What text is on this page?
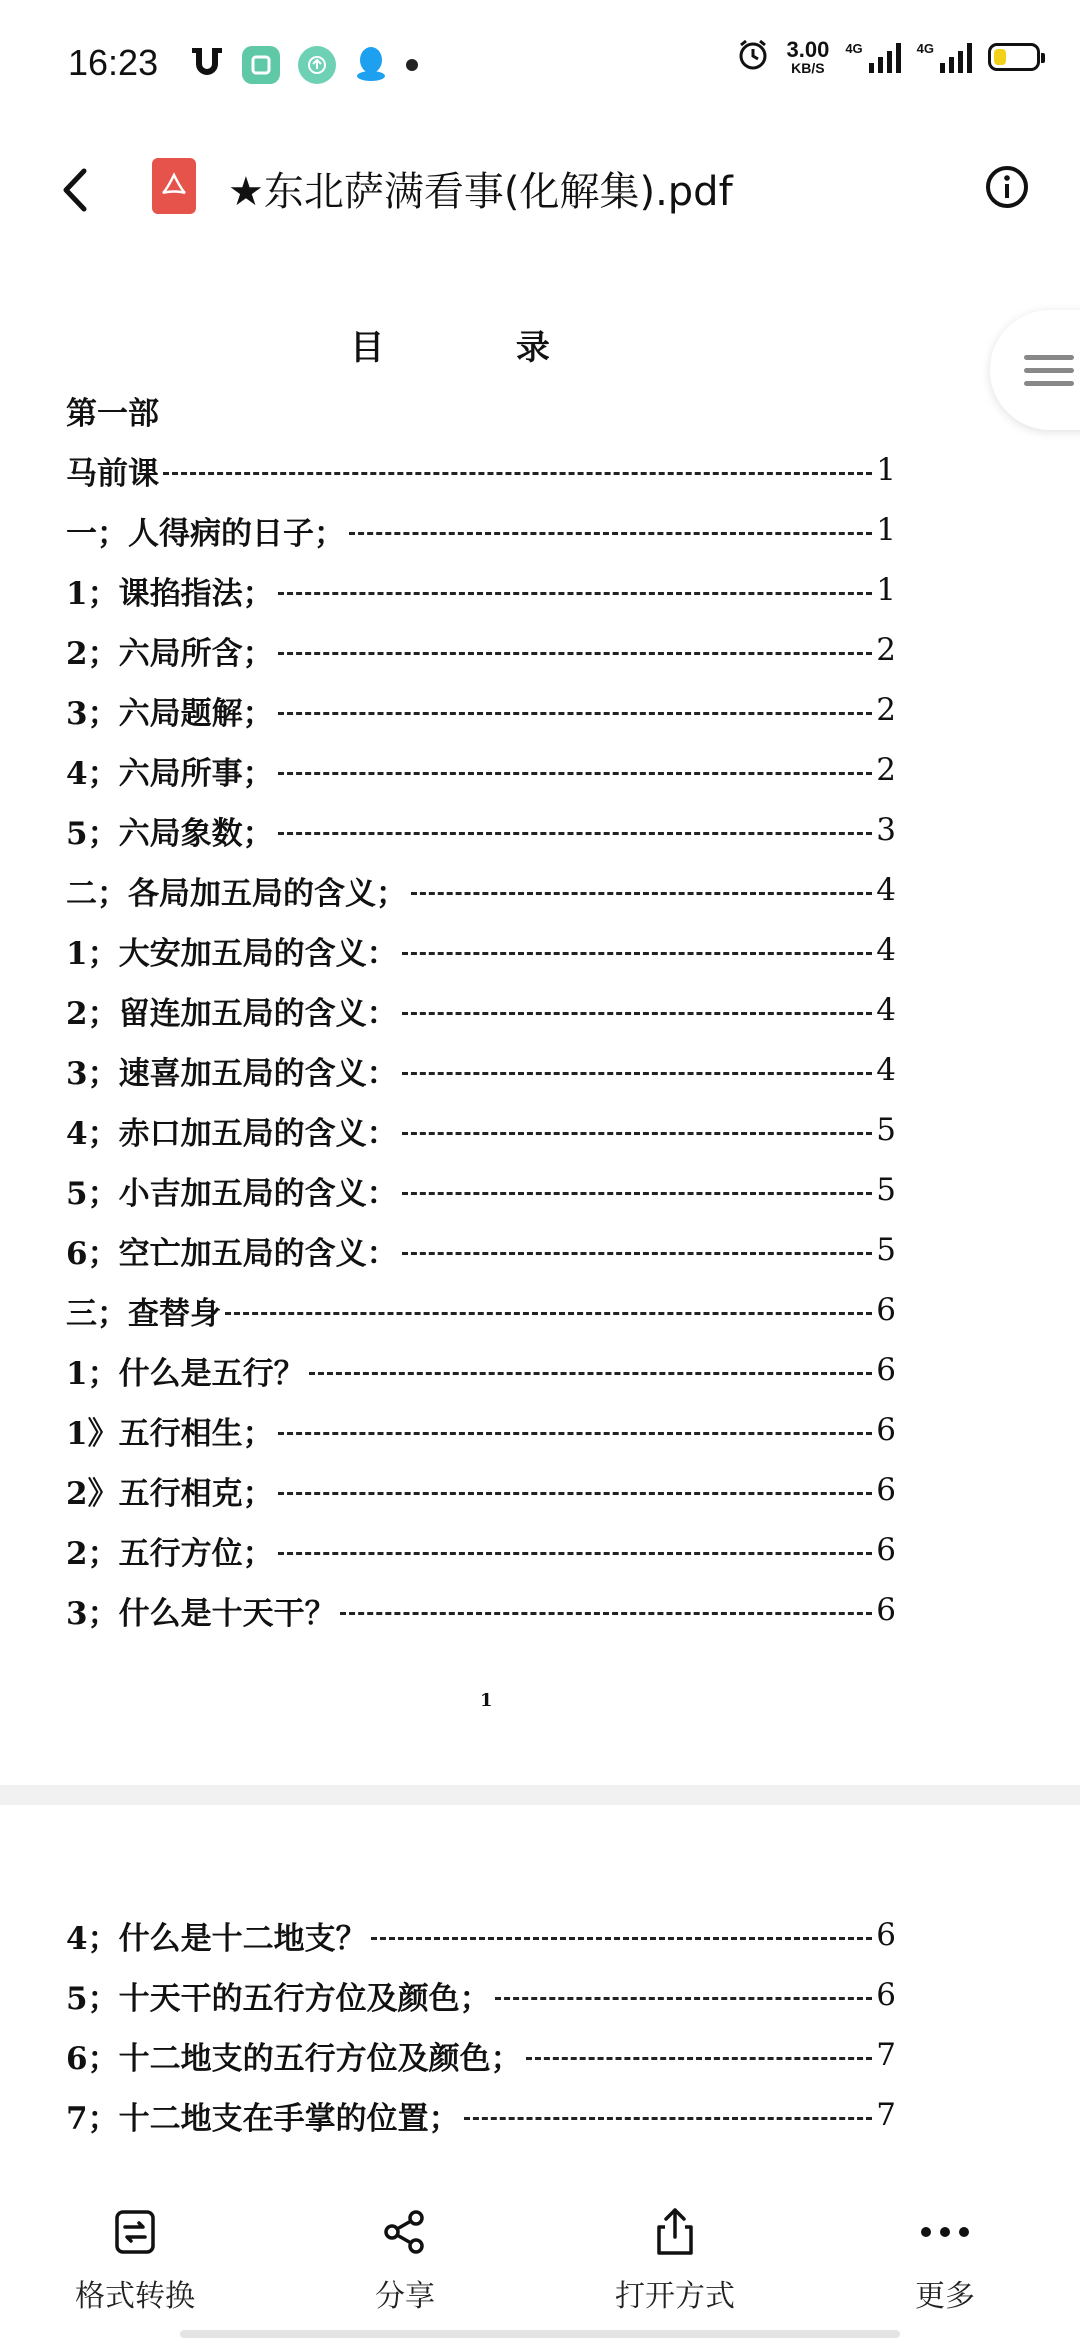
16:23	3.00
KB/S
4G	4G
★东北萨满看事(化解集).pdf
目 录
第一部
马前课	1
一；人得病的日子；	1
1；课掐指法；	1
2；六局所含；	2
3；六局题解；	2
4；六局所事；	2
5；六局象数；	3
二；各局加五局的含义；	4
1；大安加五局的含义：	4
2；留连加五局的含义：	4
3；速喜加五局的含义：	4
4；赤口加五局的含义：	5
5；小吉加五局的含义：	5
6；空亡加五局的含义：	5
三；查替身	6
1；什么是五行？	6
1》五行相生；	6
2》五行相克；	6
2；五行方位；	6
3；什么是十天干？	6
1
4；什么是十二地支？	6
5；十天干的五行方位及颜色；	6
6；十二地支的五行方位及颜色；	7
7；十二地支在手掌的位置；	7
格式转换	分享	打开方式	更多
